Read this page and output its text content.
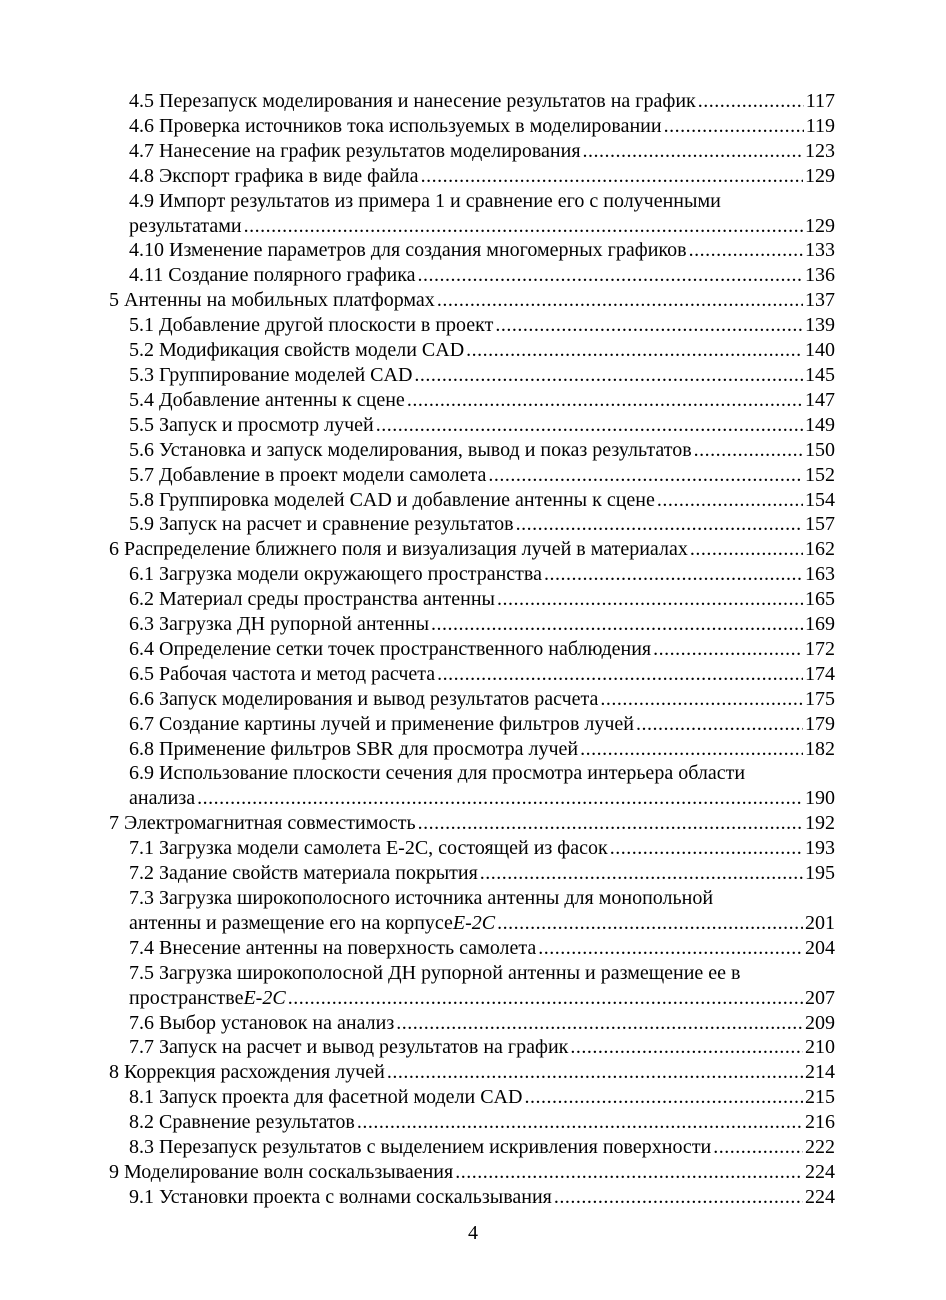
4.5 Перезапуск моделирования и нанесение результатов на график .....	117
4.6 Проверка источников тока используемых в моделировании .....	119
4.7 Нанесение на график результатов моделирования .....	123
4.8 Экспорт графика в виде файла .....	129
4.9 Импорт результатов из примера 1 и сравнение его с полученными
результатами .....	129
4.10 Изменение параметров для создания многомерных графиков .....	133
4.11 Создание полярного графика .....	136
5 Антенны на мобильных платформах .....	137
5.1 Добавление другой плоскости в проект .....	139
5.2 Модификация свойств модели CAD .....	140
5.3 Группирование моделей CAD .....	145
5.4 Добавление антенны к сцене .....	147
5.5 Запуск и просмотр лучей .....	149
5.6 Установка и запуск моделирования, вывод и показ результатов .....	150
5.7 Добавление в проект модели самолета .....	152
5.8 Группировка моделей CAD и добавление антенны к сцене .....	154
5.9 Запуск на расчет и сравнение результатов .....	157
6 Распределение ближнего поля и визуализация лучей в материалах .....	162
6.1 Загрузка модели окружающего пространства .....	163
6.2 Материал среды пространства антенны .....	165
6.3 Загрузка ДН рупорной антенны .....	169
6.4 Определение сетки точек пространственного наблюдения .....	172
6.5 Рабочая частота и метод расчета .....	174
6.6 Запуск моделирования и вывод результатов расчета .....	175
6.7 Создание картины лучей и применение фильтров лучей .....	179
6.8 Применение фильтров SBR для просмотра лучей .....	182
6.9 Использование плоскости сечения для просмотра интерьера области
анализа .....	190
7 Электромагнитная совместимость .....	192
7.1 Загрузка модели самолета E-2C, состоящей из фасок .....	193
7.2 Задание свойств материала покрытия .....	195
7.3 Загрузка широкополосного источника антенны для монопольной
антенны и размещение его на корпусе E-2C .....	201
7.4 Внесение антенны на поверхность самолета .....	204
7.5 Загрузка широкополосной ДН рупорной антенны и размещение ее в
пространстве E-2C .....	207
7.6 Выбор установок на анализ .....	209
7.7 Запуск на расчет и вывод результатов на график .....	210
8 Коррекция расхождения лучей .....	214
8.1 Запуск проекта для фасетной модели CAD .....	215
8.2 Сравнение результатов .....	216
8.3 Перезапуск результатов с выделением искривления поверхности .....	222
9 Моделирование волн соскальзываения .....	224
9.1 Установки проекта с волнами соскальзывания .....	224
4
